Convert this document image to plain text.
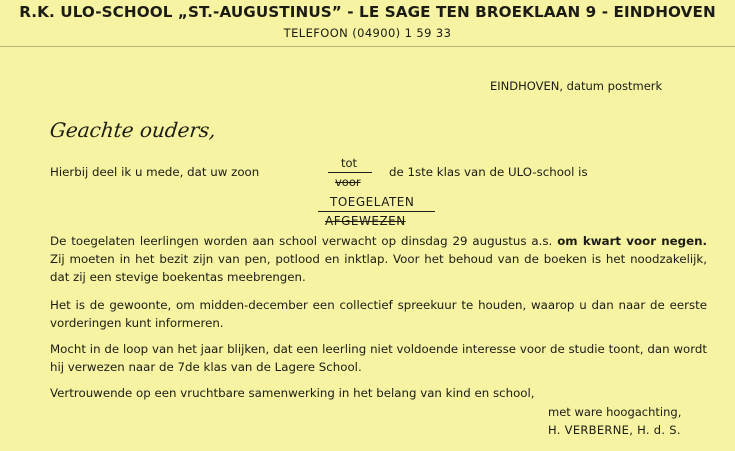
R.K. ULO-SCHOOL „ST.-AUGUSTINUS” - LE SAGE TEN BROEKLAAN 9 - EINDHOVEN
TELEFOON (04900) 1 59 33
EINDHOVEN, datum postmerk
Geachte ouders,
Hierbij deel ik u mede, dat uw zoon
tot
voor
de 1ste klas van de ULO-school is
TOEGELATEN
AFGEWEZEN
De toegelaten leerlingen worden aan school verwacht op dinsdag 29 augustus a.s. om kwart voor negen. Zij moeten in het bezit zijn van pen, potlood en inktlap. Voor het behoud van de boeken is het noodzakelijk, dat zij een stevige boekentas meebrengen.
Het is de gewoonte, om midden-december een collectief spreekuur te houden, waarop u dan naar de eerste vorderingen kunt informeren.
Mocht in de loop van het jaar blijken, dat een leerling niet voldoende interesse voor de studie toont, dan wordt hij verwezen naar de 7de klas van de Lagere School.
Vertrouwende op een vruchtbare samenwerking in het belang van kind en school,
met ware hoogachting,
H. VERBERNE, H. d. S.
